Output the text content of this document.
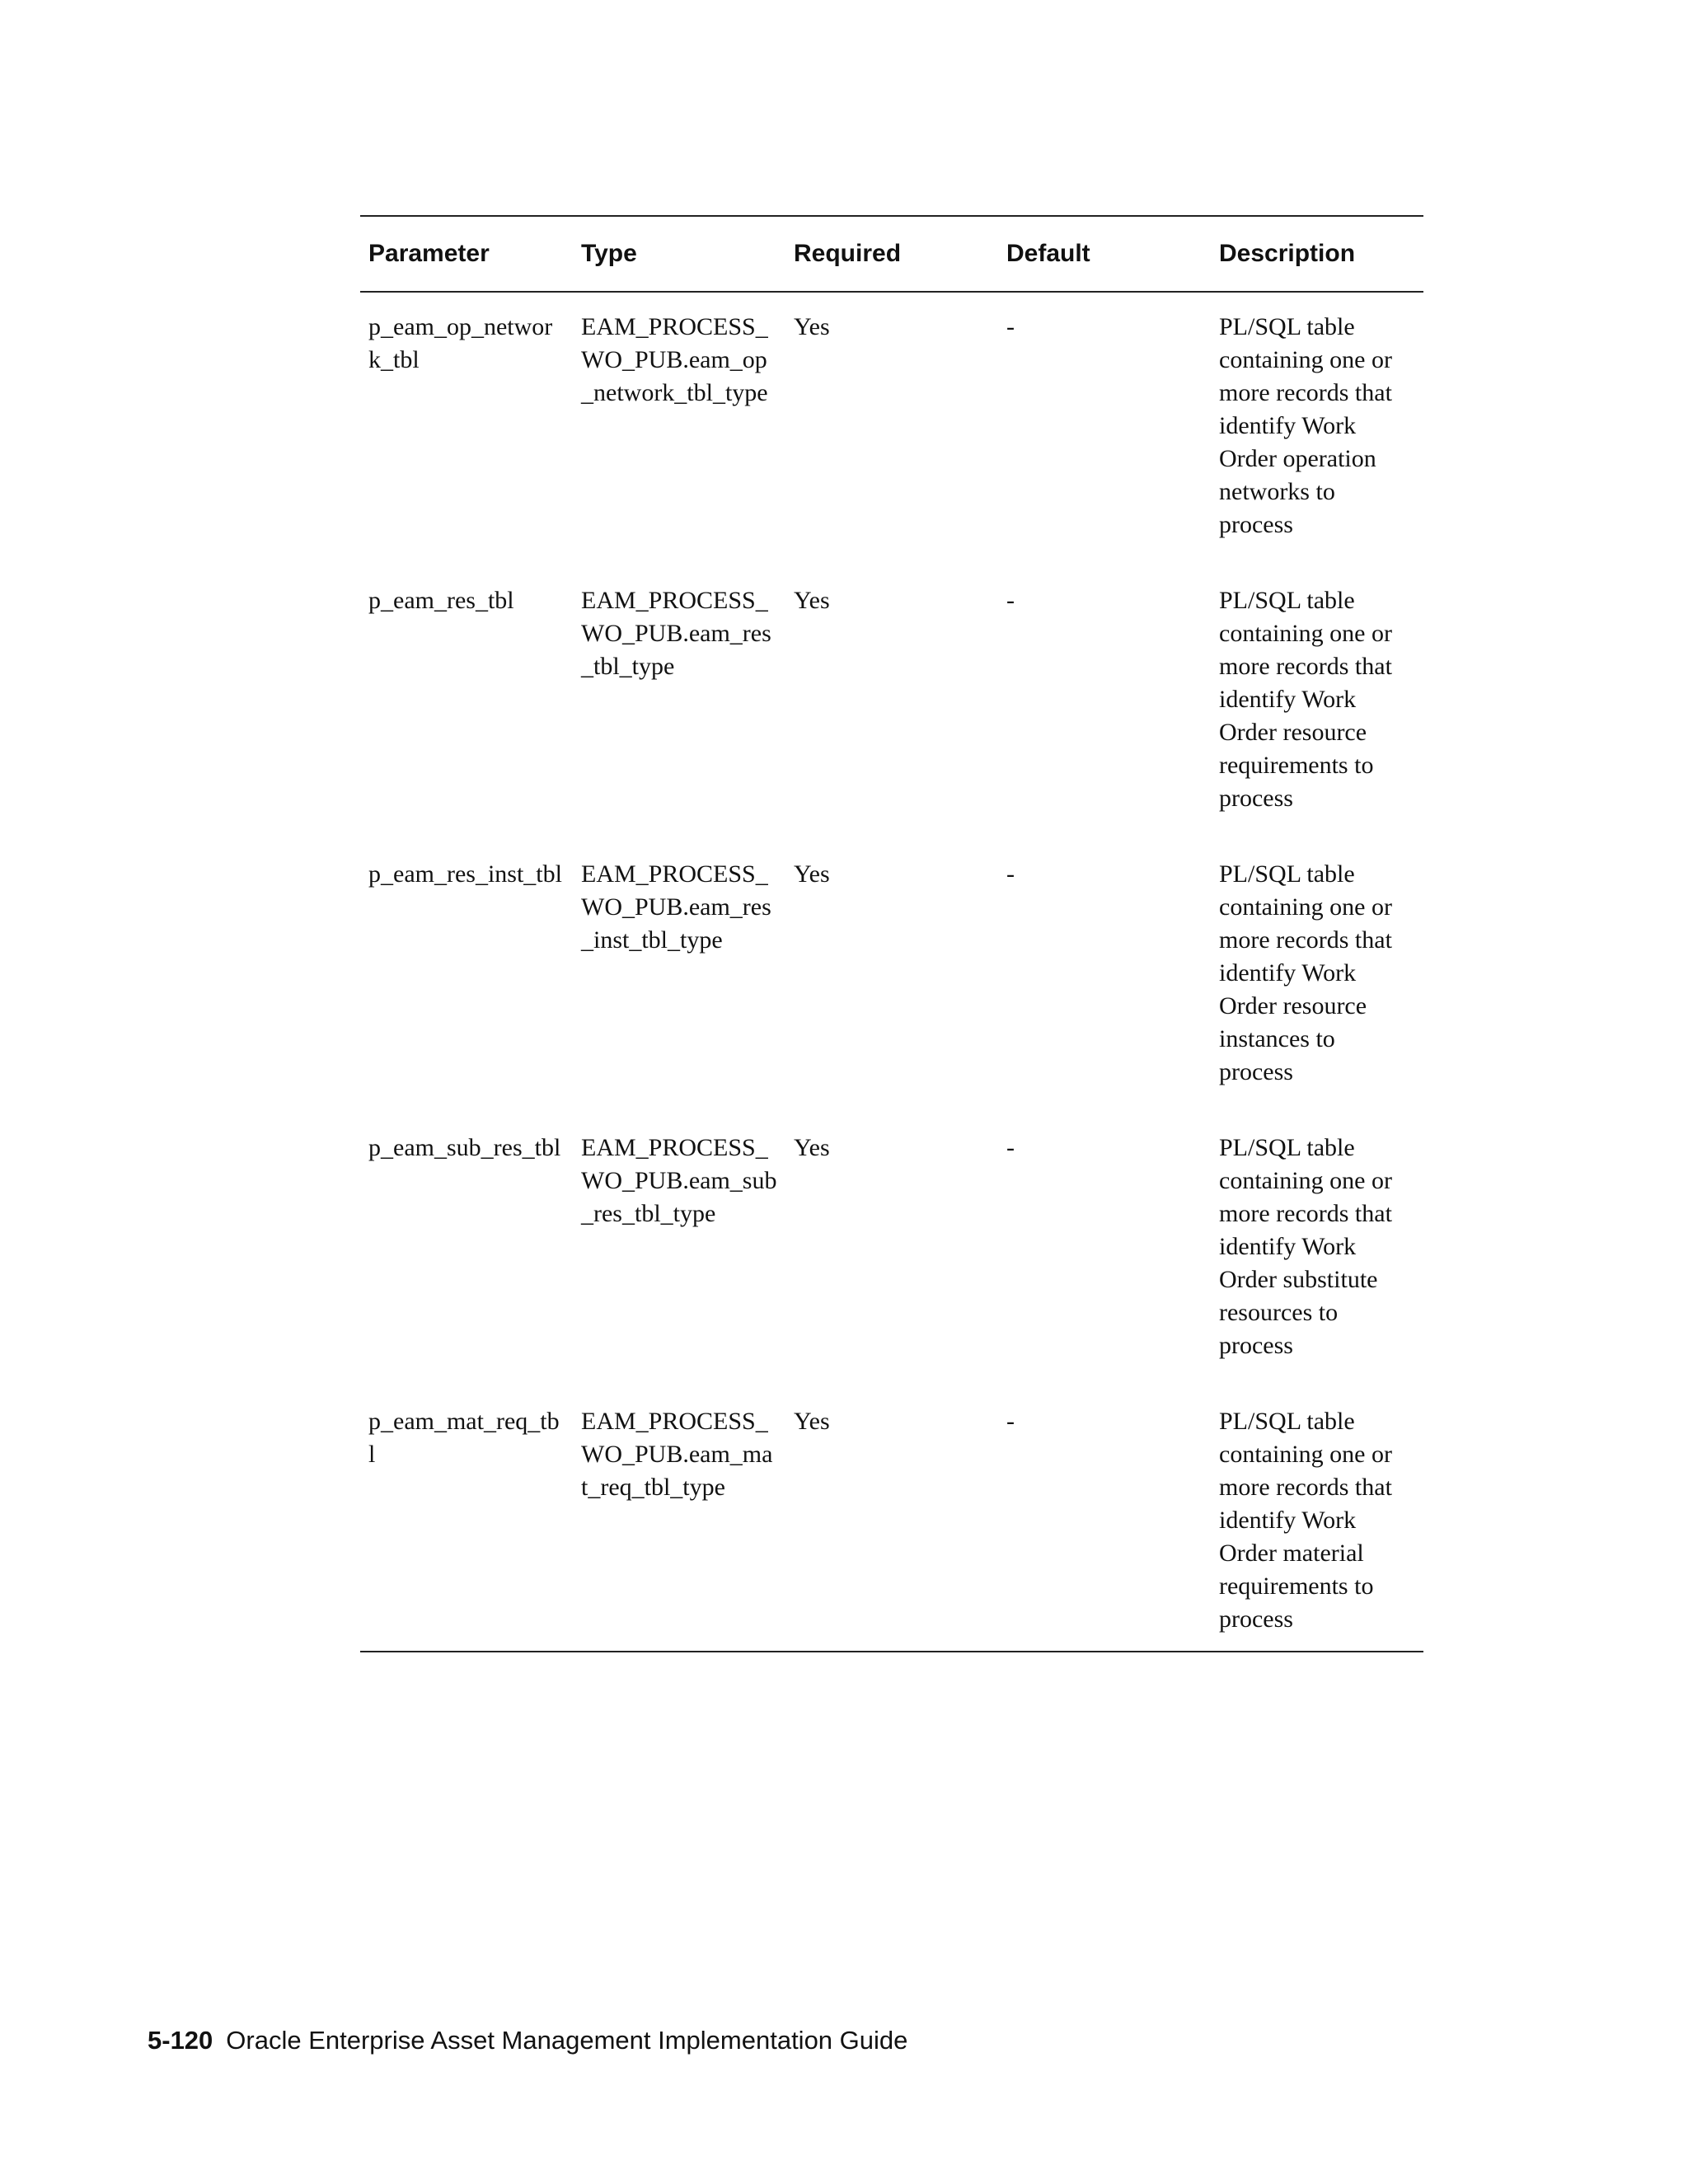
Parameter	Type	Required	Default	Description
p_eam_op_network_tbl	EAM_PROCESS_WO_PUB.eam_op_network_tbl_type	Yes	-	PL/SQL table containing one or more records that identify Work Order operation networks to process
p_eam_res_tbl	EAM_PROCESS_WO_PUB.eam_res_tbl_type	Yes	-	PL/SQL table containing one or more records that identify Work Order resource requirements to process
p_eam_res_inst_tbl	EAM_PROCESS_WO_PUB.eam_res_inst_tbl_type	Yes	-	PL/SQL table containing one or more records that identify Work Order resource instances to process
p_eam_sub_res_tbl	EAM_PROCESS_WO_PUB.eam_sub_res_tbl_type	Yes	-	PL/SQL table containing one or more records that identify Work Order substitute resources to process
p_eam_mat_req_tbl	EAM_PROCESS_WO_PUB.eam_mat_req_tbl_type	Yes	-	PL/SQL table containing one or more records that identify Work Order material requirements to process
5-120 Oracle Enterprise Asset Management Implementation Guide
